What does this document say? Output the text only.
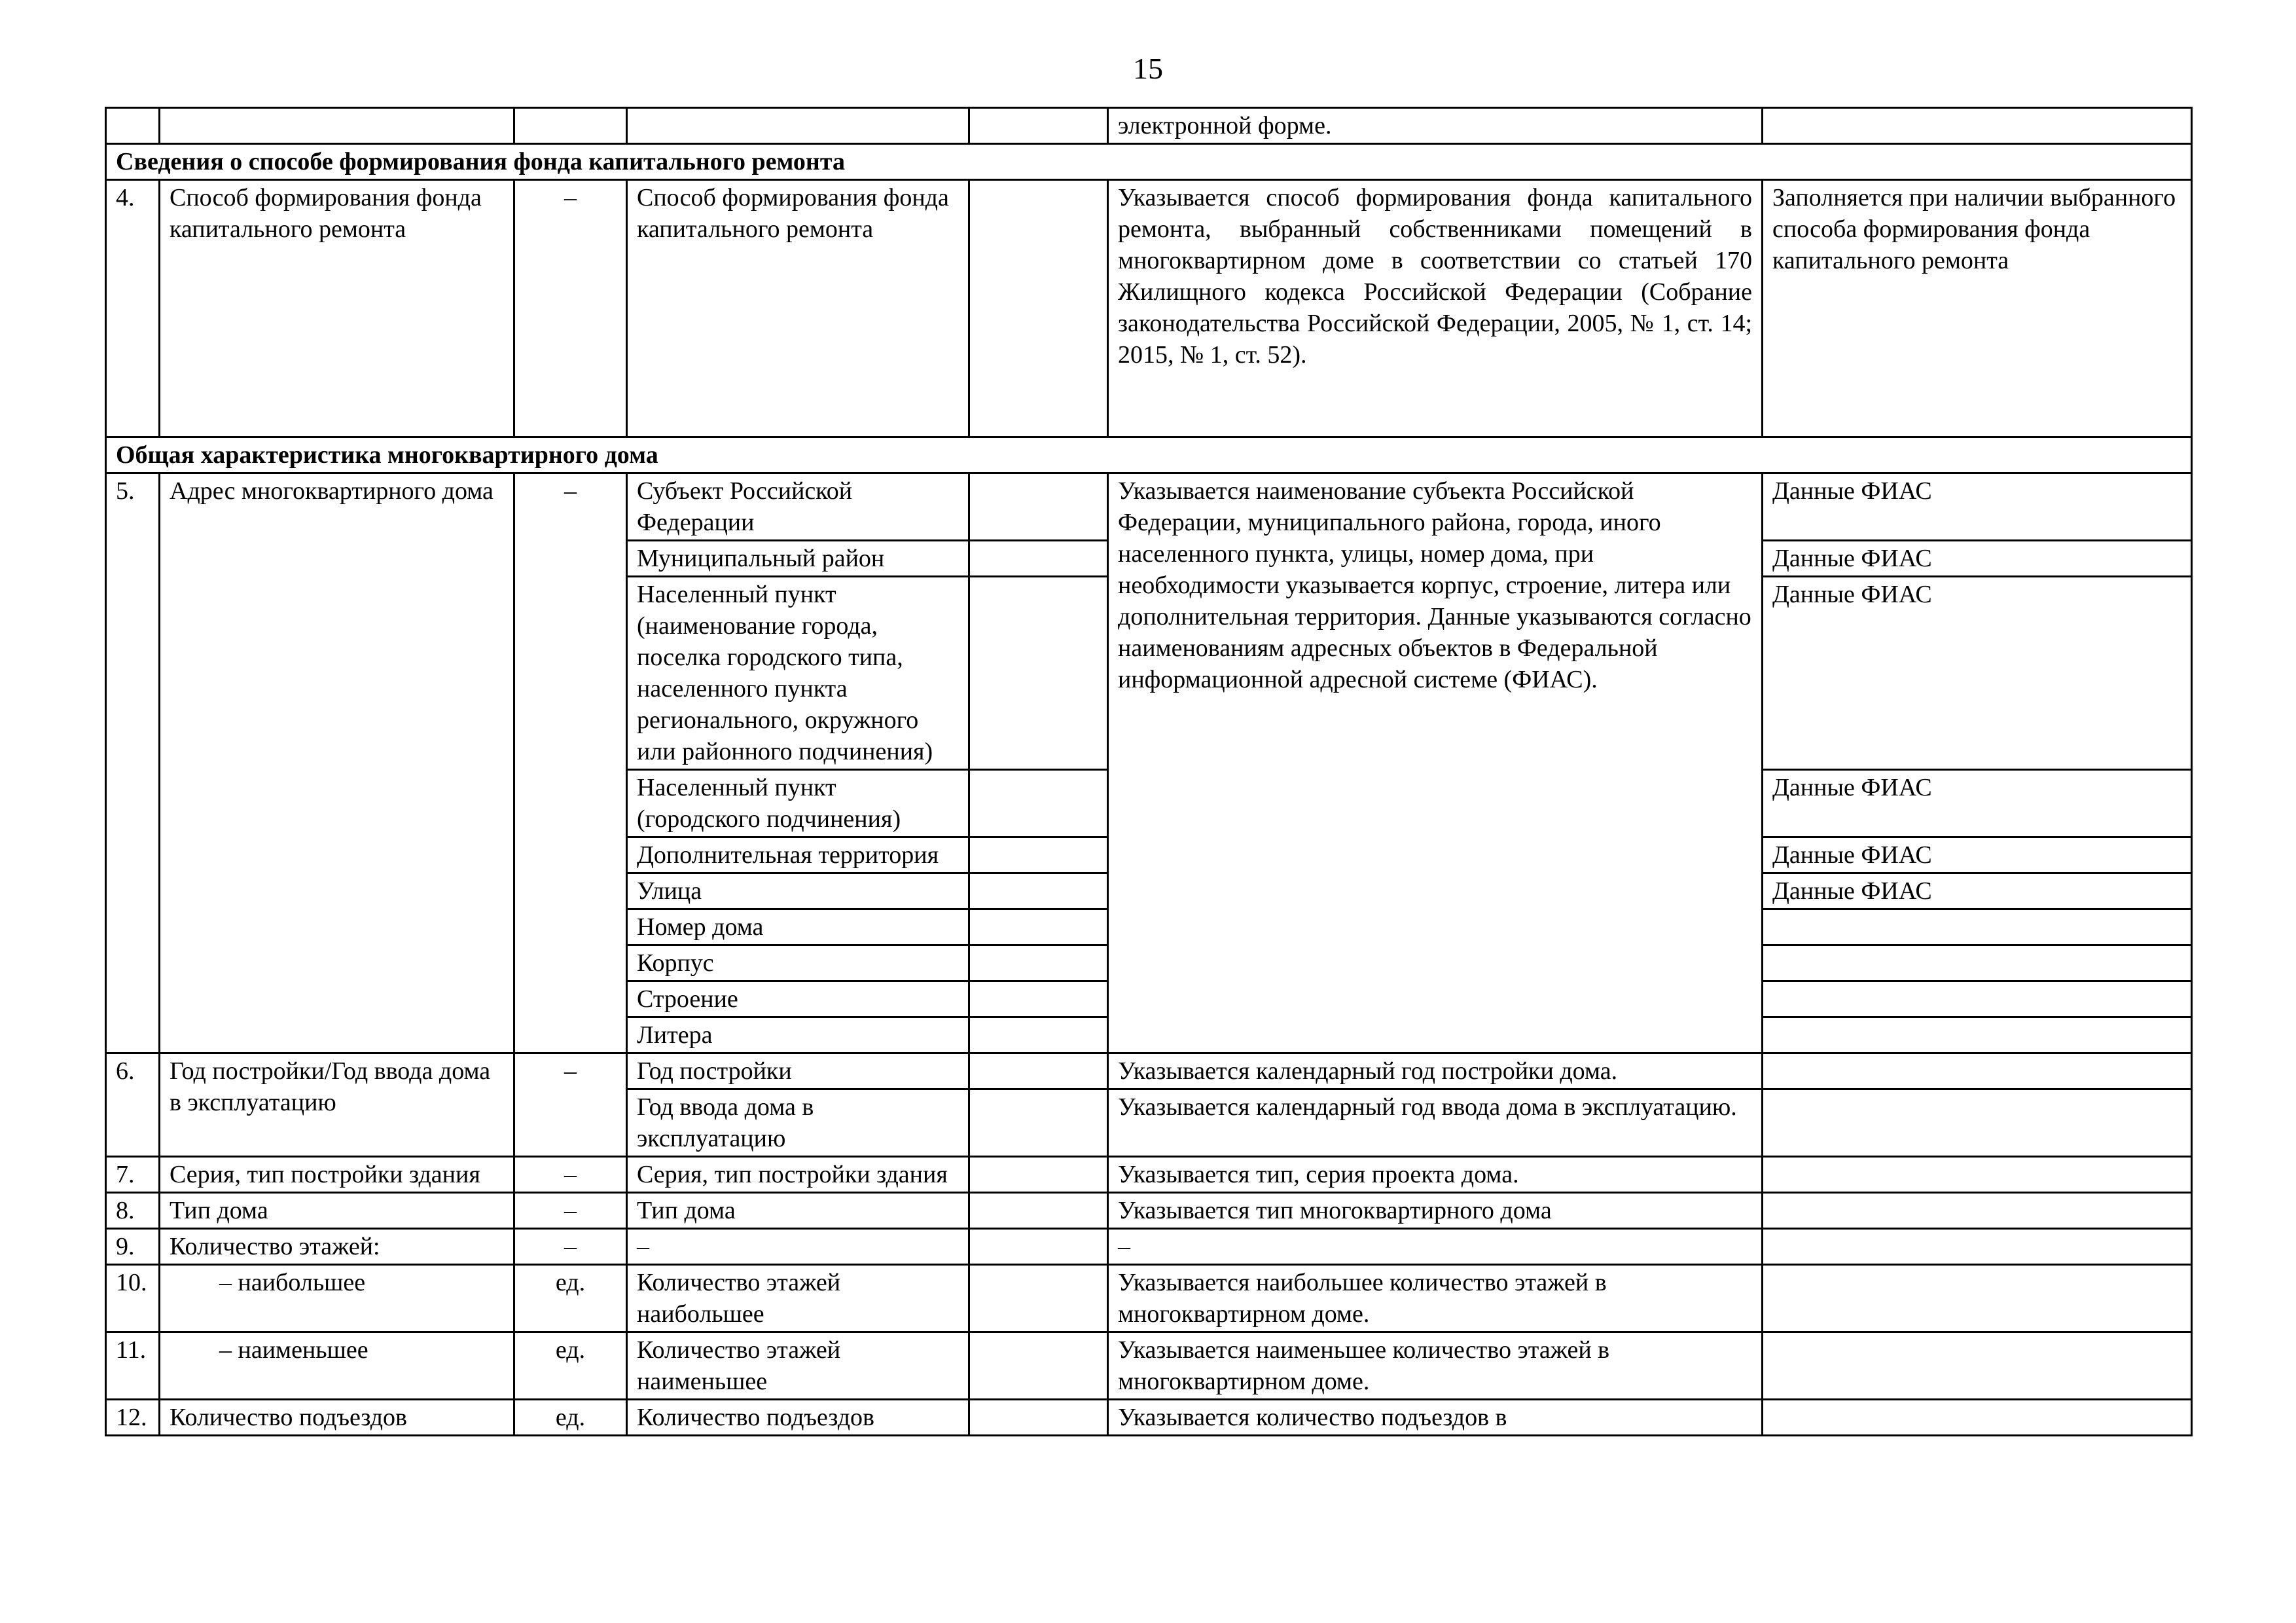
15
					электронной форме.	
Сведения о способе формирования фонда капитального ремонта						
4.	Способ формирования фонда капитального ремонта	–	Способ формирования фонда капитального ремонта		Указывается способ формирования фонда капитального ремонта, выбранный собственниками помещений в многоквартирном доме в соответствии со статьей 170 Жилищного кодекса Российской Федерации (Собрание законодательства Российской Федерации, 2005, № 1, ст. 14; 2015, № 1, ст. 52).	Заполняется при наличии выбранного способа формирования фонда капитального ремонта
Общая характеристика многоквартирного дома						
5.	Адрес многоквартирного дома	–	Субъект Российской Федерации		Указывается наименование субъекта Российской Федерации, муниципального района, города, иного населенного пункта, улицы, номер дома, при необходимости указывается корпус, строение, литера или дополнительная территория. Данные указываются согласно наименованиям адресных объектов в Федеральной информационной адресной системе (ФИАС).	Данные ФИАС
			Муниципальный район			Данные ФИАС
			Населенный пункт (наименование города, поселка городского типа, населенного пункта регионального, окружного или районного подчинения)			Данные ФИАС
			Населенный пункт (городского подчинения)			Данные ФИАС
			Дополнительная территория			Данные ФИАС
			Улица			Данные ФИАС
			Номер дома			
			Корпус			
			Строение			
			Литера			
6.	Год постройки/Год ввода дома в эксплуатацию	–	Год постройки		Указывается календарный год постройки дома.	
			Год ввода дома в эксплуатацию		Указывается календарный год ввода дома в эксплуатацию.	
7.	Серия, тип постройки здания	–	Серия, тип постройки здания		Указывается тип, серия проекта дома.	
8.	Тип дома	–	Тип дома		Указывается тип многоквартирного дома	
9.	Количество этажей:	–	–		–	
10.	– наибольшее	ед.	Количество этажей наибольшее		Указывается наибольшее количество этажей в многоквартирном доме.	
11.	– наименьшее	ед.	Количество этажей наименьшее		Указывается наименьшее количество этажей в многоквартирном доме.	
12.	Количество подъездов	ед.	Количество подъездов		Указывается количество подъездов в	
